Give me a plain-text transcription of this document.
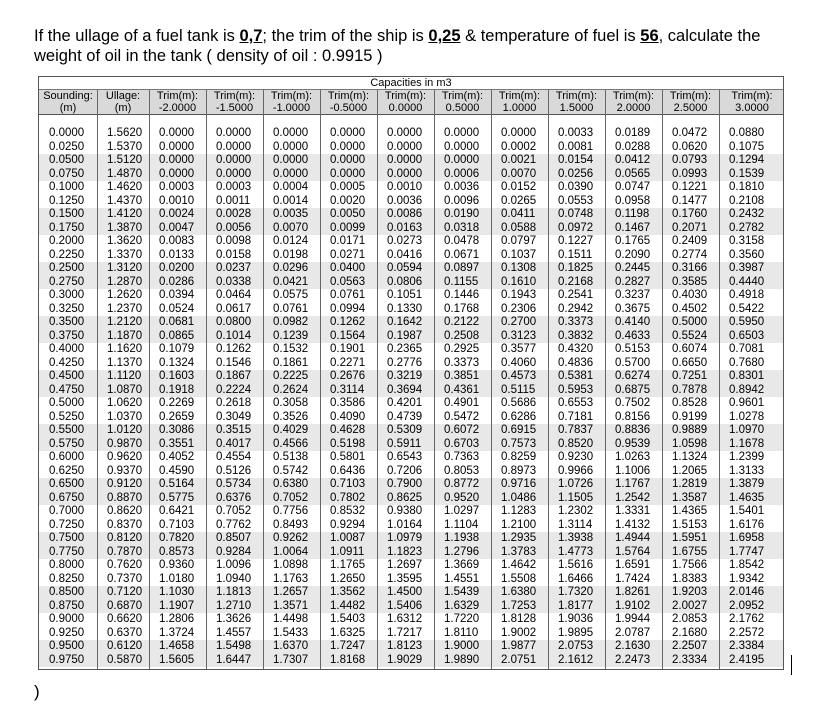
If the ullage of a fuel tank is 0,7; the trim of the ship is 0,25 & temperature of fuel is 56, calculate the weight of oil in the tank ( density of oil : 0.9915 )
Capacities in m3
Sounding:
(m)
Ullage:
(m)
Trim(m):
-2.0000
Trim(m):
-1.5000
Trim(m):
-1.0000
Trim(m):
-0.5000
Trim(m):
0.0000
Trim(m):
0.5000
Trim(m):
1.0000
Trim(m):
1.5000
Trim(m):
2.0000
Trim(m):
2.5000
Trim(m):
3.0000
0.0000 1.5620 0.0000 0.0000 0.0000 0.0000 0.0000 0.0000 0.0000 0.0033 0.0189 0.0472 0.0880
0.0250 1.5370 0.0000 0.0000 0.0000 0.0000 0.0000 0.0000 0.0002 0.0081 0.0288 0.0620 0.1075
0.0500 1.5120 0.0000 0.0000 0.0000 0.0000 0.0000 0.0000 0.0021 0.0154 0.0412 0.0793 0.1294
0.0750 1.4870 0.0000 0.0000 0.0000 0.0000 0.0000 0.0006 0.0070 0.0256 0.0565 0.0993 0.1539
0.1000 1.4620 0.0003 0.0003 0.0004 0.0005 0.0010 0.0036 0.0152 0.0390 0.0747 0.1221 0.1810
0.1250 1.4370 0.0010 0.0011 0.0014 0.0020 0.0036 0.0096 0.0265 0.0553 0.0958 0.1477 0.2108
0.1500 1.4120 0.0024 0.0028 0.0035 0.0050 0.0086 0.0190 0.0411 0.0748 0.1198 0.1760 0.2432
0.1750 1.3870 0.0047 0.0056 0.0070 0.0099 0.0163 0.0318 0.0588 0.0972 0.1467 0.2071 0.2782
0.2000 1.3620 0.0083 0.0098 0.0124 0.0171 0.0273 0.0478 0.0797 0.1227 0.1765 0.2409 0.3158
0.2250 1.3370 0.0133 0.0158 0.0198 0.0271 0.0416 0.0671 0.1037 0.1511 0.2090 0.2774 0.3560
0.2500 1.3120 0.0200 0.0237 0.0296 0.0400 0.0594 0.0897 0.1308 0.1825 0.2445 0.3166 0.3987
0.2750 1.2870 0.0286 0.0338 0.0421 0.0563 0.0806 0.1155 0.1610 0.2168 0.2827 0.3585 0.4440
0.3000 1.2620 0.0394 0.0464 0.0575 0.0761 0.1051 0.1446 0.1943 0.2541 0.3237 0.4030 0.4918
0.3250 1.2370 0.0524 0.0617 0.0761 0.0994 0.1330 0.1768 0.2306 0.2942 0.3675 0.4502 0.5422
0.3500 1.2120 0.0681 0.0800 0.0982 0.1262 0.1642 0.2122 0.2700 0.3373 0.4140 0.5000 0.5950
0.3750 1.1870 0.0865 0.1014 0.1239 0.1564 0.1987 0.2508 0.3123 0.3832 0.4633 0.5524 0.6503
0.4000 1.1620 0.1079 0.1262 0.1532 0.1901 0.2365 0.2925 0.3577 0.4320 0.5153 0.6074 0.7081
0.4250 1.1370 0.1324 0.1546 0.1861 0.2271 0.2776 0.3373 0.4060 0.4836 0.5700 0.6650 0.7680
0.4500 1.1120 0.1603 0.1867 0.2225 0.2676 0.3219 0.3851 0.4573 0.5381 0.6274 0.7251 0.8301
0.4750 1.0870 0.1918 0.2224 0.2624 0.3114 0.3694 0.4361 0.5115 0.5953 0.6875 0.7878 0.8942
0.5000 1.0620 0.2269 0.2618 0.3058 0.3586 0.4201 0.4901 0.5686 0.6553 0.7502 0.8528 0.9601
0.5250 1.0370 0.2659 0.3049 0.3526 0.4090 0.4739 0.5472 0.6286 0.7181 0.8156 0.9199 1.0278
0.5500 1.0120 0.3086 0.3515 0.4029 0.4628 0.5309 0.6072 0.6915 0.7837 0.8836 0.9889 1.0970
0.5750 0.9870 0.3551 0.4017 0.4566 0.5198 0.5911 0.6703 0.7573 0.8520 0.9539 1.0598 1.1678
0.6000 0.9620 0.4052 0.4554 0.5138 0.5801 0.6543 0.7363 0.8259 0.9230 1.0263 1.1324 1.2399
0.6250 0.9370 0.4590 0.5126 0.5742 0.6436 0.7206 0.8053 0.8973 0.9966 1.1006 1.2065 1.3133
0.6500 0.9120 0.5164 0.5734 0.6380 0.7103 0.7900 0.8772 0.9716 1.0726 1.1767 1.2819 1.3879
0.6750 0.8870 0.5775 0.6376 0.7052 0.7802 0.8625 0.9520 1.0486 1.1505 1.2542 1.3587 1.4635
0.7000 0.8620 0.6421 0.7052 0.7756 0.8532 0.9380 1.0297 1.1283 1.2302 1.3331 1.4365 1.5401
0.7250 0.8370 0.7103 0.7762 0.8493 0.9294 1.0164 1.1104 1.2100 1.3114 1.4132 1.5153 1.6176
0.7500 0.8120 0.7820 0.8507 0.9262 1.0087 1.0979 1.1938 1.2935 1.3938 1.4944 1.5951 1.6958
0.7750 0.7870 0.8573 0.9284 1.0064 1.0911 1.1823 1.2796 1.3783 1.4773 1.5764 1.6755 1.7747
0.8000 0.7620 0.9360 1.0096 1.0898 1.1765 1.2697 1.3669 1.4642 1.5616 1.6591 1.7566 1.8542
0.8250 0.7370 1.0180 1.0940 1.1763 1.2650 1.3595 1.4551 1.5508 1.6466 1.7424 1.8383 1.9342
0.8500 0.7120 1.1030 1.1813 1.2657 1.3562 1.4500 1.5439 1.6380 1.7320 1.8261 1.9203 2.0146
0.8750 0.6870 1.1907 1.2710 1.3571 1.4482 1.5406 1.6329 1.7253 1.8177 1.9102 2.0027 2.0952
0.9000 0.6620 1.2806 1.3626 1.4498 1.5403 1.6312 1.7220 1.8128 1.9036 1.9944 2.0853 2.1762
0.9250 0.6370 1.3724 1.4557 1.5433 1.6325 1.7217 1.8110 1.9002 1.9895 2.0787 2.1680 2.2572
0.9500 0.6120 1.4658 1.5498 1.6370 1.7247 1.8123 1.9000 1.9877 2.0753 2.1630 2.2507 2.3384
0.9750 0.5870 1.5605 1.6447 1.7307 1.8168 1.9029 1.9890 2.0751 2.1612 2.2473 2.3334 2.4195
)
